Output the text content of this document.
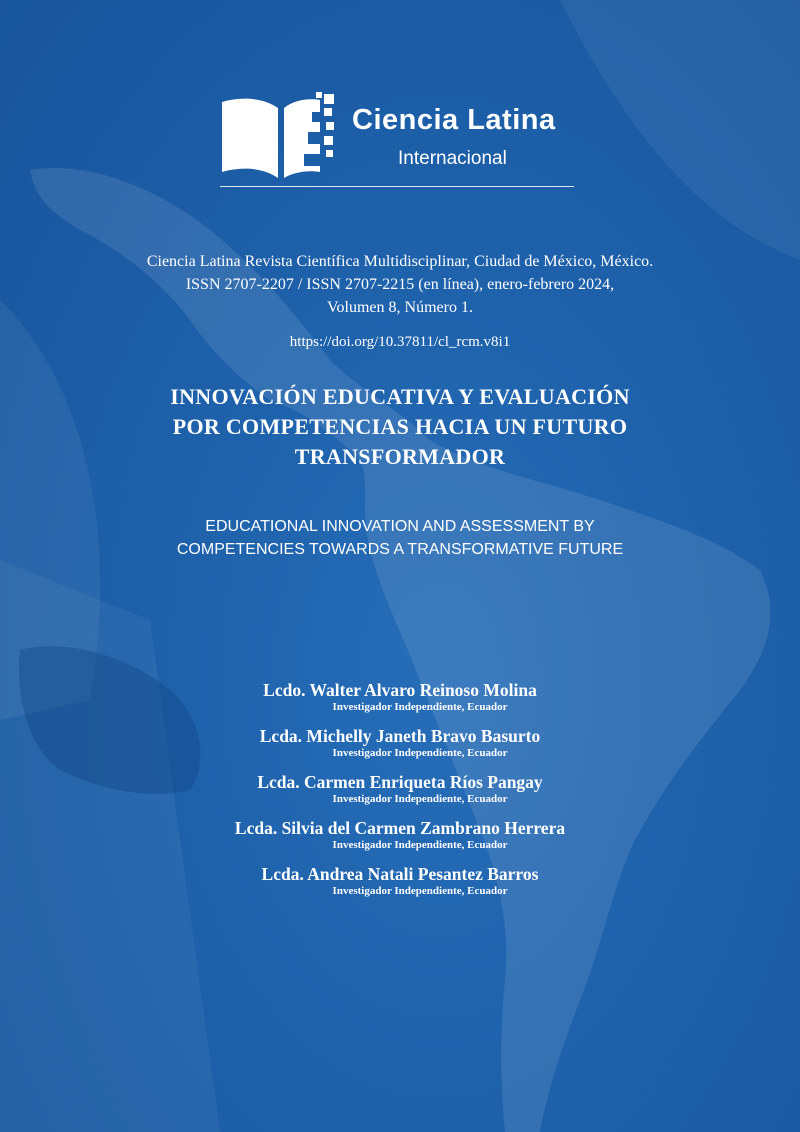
Ciencia Latina
Internacional
Ciencia Latina Revista Científica Multidisciplinar, Ciudad de México, México.
ISSN 2707-2207 / ISSN 2707-2215 (en línea), enero-febrero 2024,
Volumen 8, Número 1.
https://doi.org/10.37811/cl_rcm.v8i1
INNOVACIÓN EDUCATIVA Y EVALUACIÓN
POR COMPETENCIAS HACIA UN FUTURO
TRANSFORMADOR
EDUCATIONAL INNOVATION AND ASSESSMENT BY
COMPETENCIES TOWARDS A TRANSFORMATIVE FUTURE
Lcdo. Walter Alvaro Reinoso Molina
Investigador Independiente, Ecuador
Lcda. Michelly Janeth Bravo Basurto
Investigador Independiente, Ecuador
Lcda. Carmen Enriqueta Ríos Pangay
Investigador Independiente, Ecuador
Lcda. Silvia del Carmen Zambrano Herrera
Investigador Independiente, Ecuador
Lcda. Andrea Natali Pesantez Barros
Investigador Independiente, Ecuador
